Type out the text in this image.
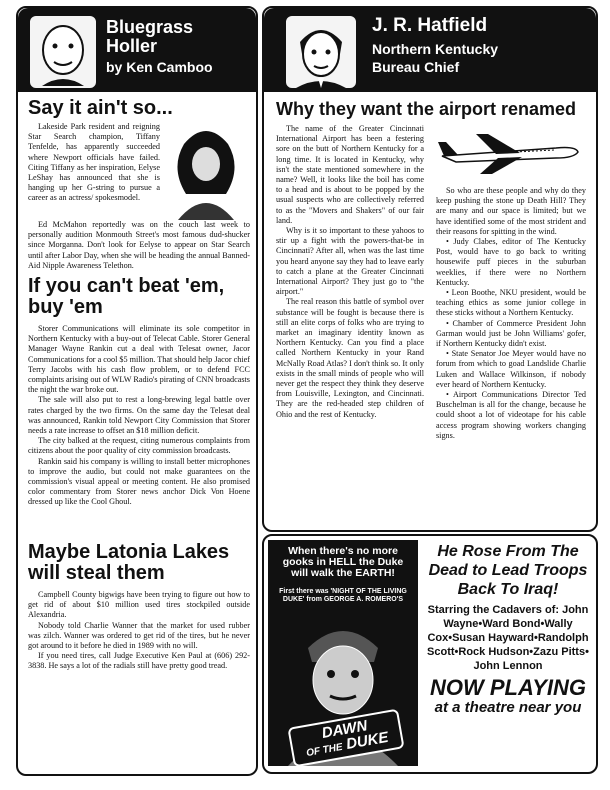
Bluegrass
Holler
by Ken Camboo
Say it ain't so...

Lakeside Park resident and reigning Star Search champion, Tiffany Tenfelde, has apparently succeeded where Newport officials have failed. Citing Tiffany as her inspiration, Eelyse LeShay has announced that she is hanging up her G-string to pursue a career as an actress/ spokesmodel.

Ed McMahon reportedly was on the couch last week to personally audition Monmouth Street's most famous dud-shucker since Morganna. Don't look for Eelyse to appear on Star Search until after Labor Day, when she will be heading the annual Banned-Aid Nipple Awareness Telethon.

If you can't beat 'em, buy 'em

Storer Communications will eliminate its sole competitor in Northern Kentucky with a buy-out of Telecat Cable. Storer General Manager Wayne Rankin cut a deal with Telesat owner, Jacor Communications for a cool $5 million. That should help Jacor chief Terry Jacobs with his cash flow problem, or to defend FCC complaints arising out of WLW Radio's pirating of CNN broadcasts the night the war broke out.

The sale will also put to rest a long-brewing legal battle over rates charged by the two firms. On the same day the Telesat deal was announced, Rankin told Newport City Commission that Storer needs a rate increase to offset an $18 million deficit.

The city balked at the request, citing numerous complaints from citizens about the poor quality of city commission broadcasts.

Rankin said his company is willing to install better microphones to improve the audio, but could not make guarantees on the commission's visual appeal or meeting content. He also promised color commentary from Storer news anchor Dick Von Hoene dressed up like the Cool Ghoul.

Maybe Latonia Lakes will steal them

Campbell County bigwigs have been trying to figure out how to get rid of about $10 million used tires stockpiled outside Alexandria.

Nobody told Charlie Wanner that the market for used rubber was zilch. Wanner was ordered to get rid of the tires, but he never got around to it before he died in 1989 with no will.

If you need tires, call Judge Executive Ken Paul at (606) 292-3838. He says a lot of the radials still have pretty good tread.

J. R. Hatfield
Northern Kentucky
Bureau Chief
Why they want the airport renamed

The name of the Greater Cincinnati International Airport has been a festering sore on the butt of Northern Kentucky for a long time. It is located in Kentucky, why isn't the state mentioned somewhere in the name? Well, it looks like the boil has come to a head and is about to be popped by the usual suspects who are collectively referred to as the "Movers and Shakers" of our fair land.

Why is it so important to these yahoos to stir up a fight with the powers-that-be in Cincinnati? After all, when was the last time you heard anyone say they had to leave early to catch a plane at the Greater Cincinnati International Airport? They just go to "the airport."

The real reason this battle of symbol over substance will be fought is because there is still an elite corps of folks who are trying to market an imaginary identity known as Northern Kentucky. Can you find a place called Northern Kentucky in your Rand McNally Road Atlas? I don't think so. It only exists in the small minds of people who will never get the respect they think they deserve from Louisville, Lexington, and Cincinnati. They are the red-headed step children of Ohio and the rest of Kentucky.

So who are these people and why do they keep pushing the stone up Death Hill? They are many and our space is limited; but we have identified some of the most strident and their reasons for spitting in the wind.

• Judy Clabes, editor of The Kentucky Post, would have to go back to writing housewife puff pieces in the suburban weeklies, if there were no Northern Kentucky.

• Leon Boothe, NKU president, would be teaching ethics as some junior college in these sticks without a Northern Kentucky.

• Chamber of Commerce President John Garman would just be John Williams' gofer, if Northern Kentucky didn't exist.

• State Senator Joe Meyer would have no forum from which to goad Landslide Charlie Luken and Wallace Wilkinson, if nobody ever heard of Northern Kentucky.

• Airport Communications Director Ted Buschelman is all for the change, because he could shoot a lot of videotape for his cable access program showing workers changing signs.

When there's no more gooks in HELL the Duke will walk the EARTH!
First there was 'NIGHT OF THE LIVING DUKE' from GEORGE A. ROMERO'S
DAWN
OF THE DUKE
He Rose From The Dead to Lead Troops Back To Iraq!
Starring the Cadavers of: John Wayne•Ward Bond•Wally Cox•Susan Hayward•Randolph Scott•Rock Hudson•Zazu Pitts• John Lennon
NOW PLAYING
at a theatre near you
